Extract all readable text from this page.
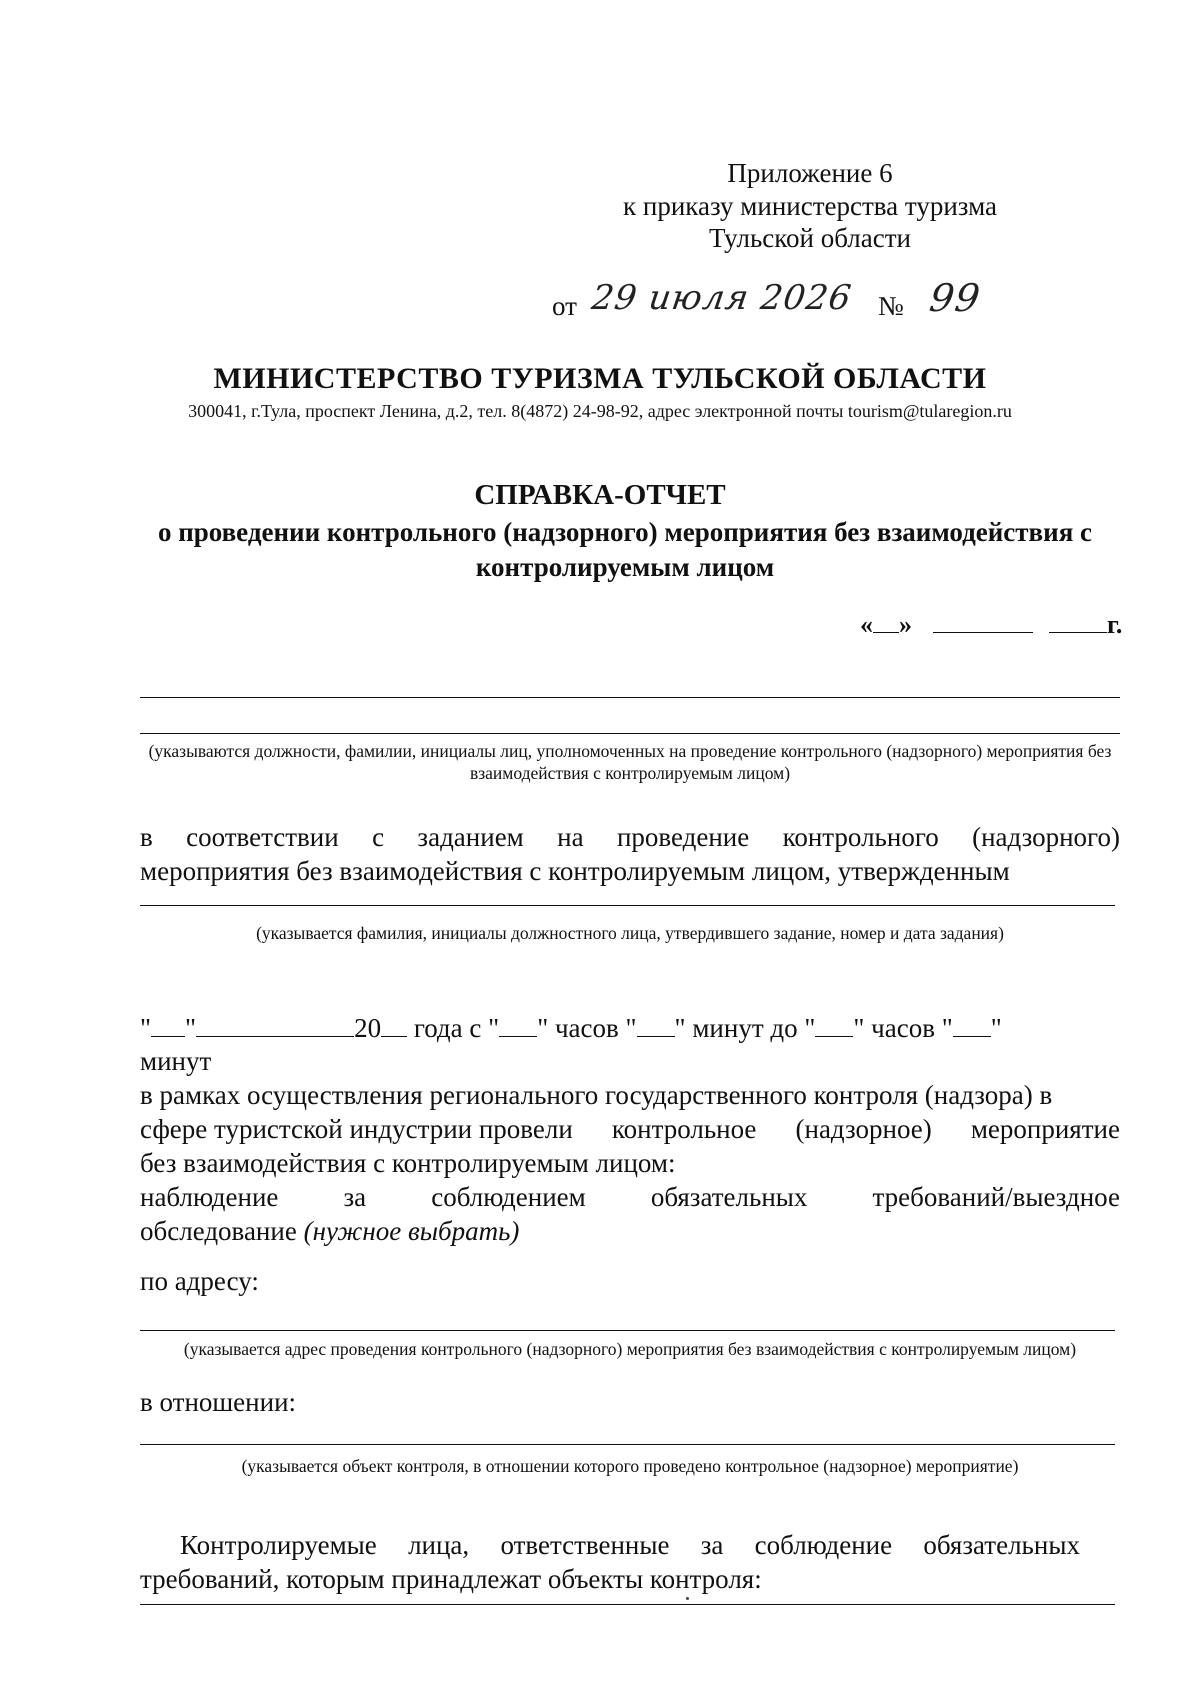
Приложение 6
к приказу министерства туризма
Тульской области
от 29 июля 2026 № 99
МИНИСТЕРСТВО ТУРИЗМА ТУЛЬСКОЙ ОБЛАСТИ
300041, г.Тула, проспект Ленина, д.2, тел. 8(4872) 24-98-92, адрес электронной почты tourism@tularegion.ru
СПРАВКА-ОТЧЕТ
о проведении контрольного (надзорного) мероприятия без взаимодействия с контролируемым лицом
« »	г.
(указываются должности, фамилии, инициалы лиц, уполномоченных на проведение контрольного (надзорного) мероприятия без взаимодействия с контролируемым лицом)
в соответствии с заданием на проведение контрольного (надзорного)
мероприятия без взаимодействия с контролируемым лицом, утвержденным
(указывается фамилия, инициалы должностного лица, утвердившего задание, номер и дата задания)
" "	20 года с " " часов " " минут до " " часов " "
минут
в рамках осуществления регионального государственного контроля (надзора) в
сфере туристской индустрии провели контрольное (надзорное) мероприятие
без взаимодействия с контролируемым лицом:
наблюдение за соблюдением обязательных требований/выездное
обследование (нужное выбрать)
по адресу:
(указывается адрес проведения контрольного (надзорного) мероприятия без взаимодействия с контролируемым лицом)
в отношении:
(указывается объект контроля, в отношении которого проведено контрольное (надзорное) мероприятие)
Контролируемые лица, ответственные за соблюдение обязательных
требований, которым принадлежат объекты контроля:
